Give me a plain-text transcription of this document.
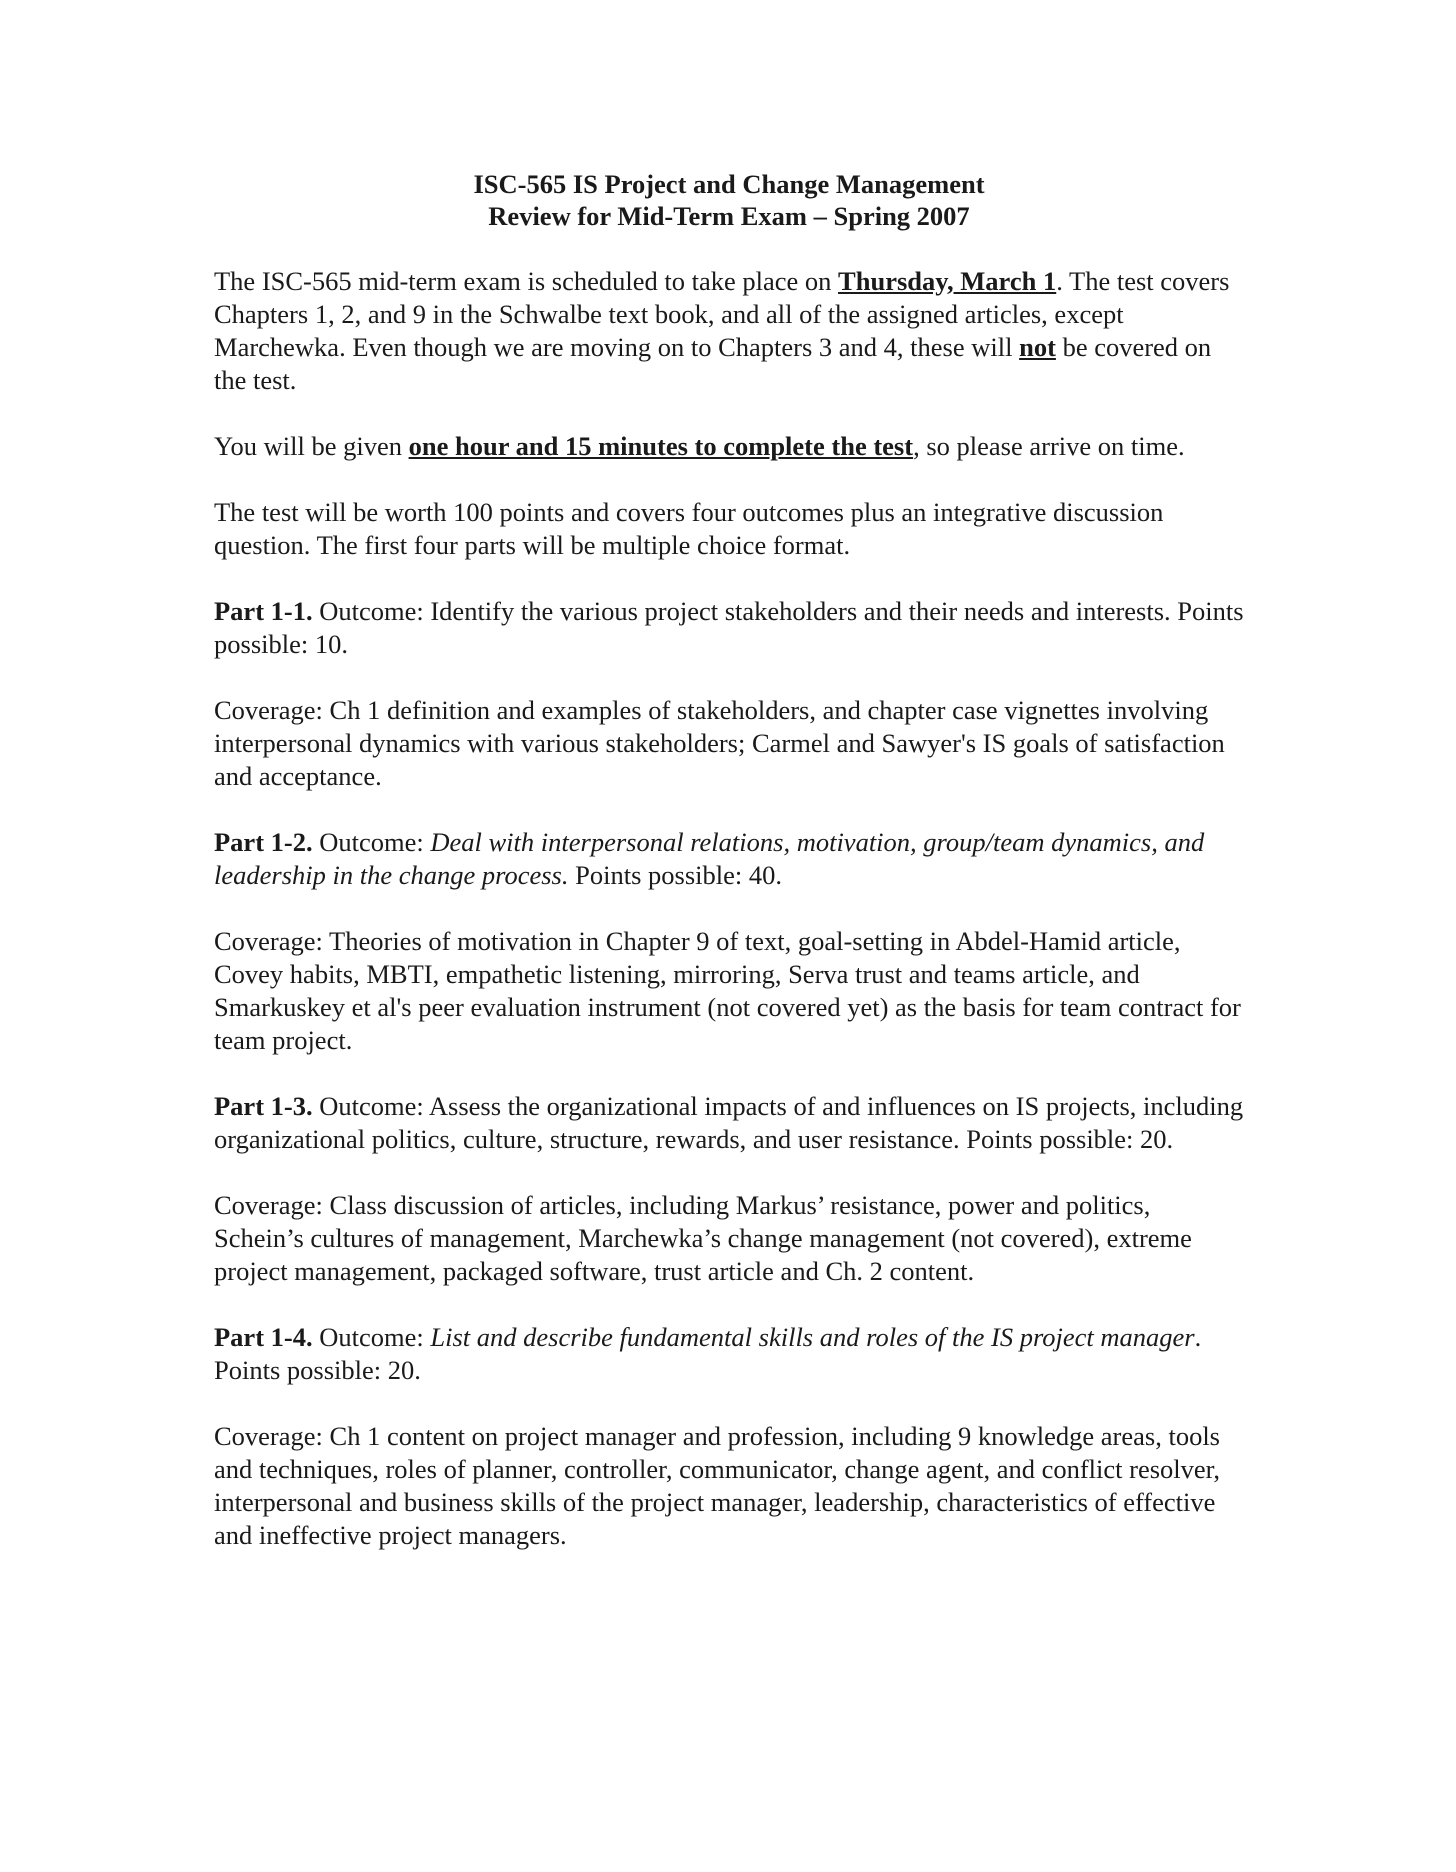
ISC-565 IS Project and Change Management
Review for Mid-Term Exam – Spring 2007

The ISC-565 mid-term exam is scheduled to take place on Thursday, March 1. The test covers Chapters 1, 2, and 9 in the Schwalbe text book, and all of the assigned articles, except Marchewka. Even though we are moving on to Chapters 3 and 4, these will not be covered on the test.

You will be given one hour and 15 minutes to complete the test, so please arrive on time.

The test will be worth 100 points and covers four outcomes plus an integrative discussion question. The first four parts will be multiple choice format.

Part 1-1. Outcome: Identify the various project stakeholders and their needs and interests. Points possible: 10.

Coverage: Ch 1 definition and examples of stakeholders, and chapter case vignettes involving interpersonal dynamics with various stakeholders; Carmel and Sawyer's IS goals of satisfaction and acceptance.

Part 1-2. Outcome: Deal with interpersonal relations, motivation, group/team dynamics, and leadership in the change process. Points possible: 40.

Coverage: Theories of motivation in Chapter 9 of text, goal-setting in Abdel-Hamid article, Covey habits, MBTI, empathetic listening, mirroring, Serva trust and teams article, and Smarkuskey et al's peer evaluation instrument (not covered yet) as the basis for team contract for team project.

Part 1-3. Outcome: Assess the organizational impacts of and influences on IS projects, including organizational politics, culture, structure, rewards, and user resistance. Points possible: 20.

Coverage: Class discussion of articles, including Markus’ resistance, power and politics, Schein’s cultures of management, Marchewka’s change management (not covered), extreme project management, packaged software, trust article and Ch. 2 content.

Part 1-4. Outcome: List and describe fundamental skills and roles of the IS project manager. Points possible: 20.

Coverage: Ch 1 content on project manager and profession, including 9 knowledge areas, tools and techniques, roles of planner, controller, communicator, change agent, and conflict resolver, interpersonal and business skills of the project manager, leadership, characteristics of effective and ineffective project managers.
